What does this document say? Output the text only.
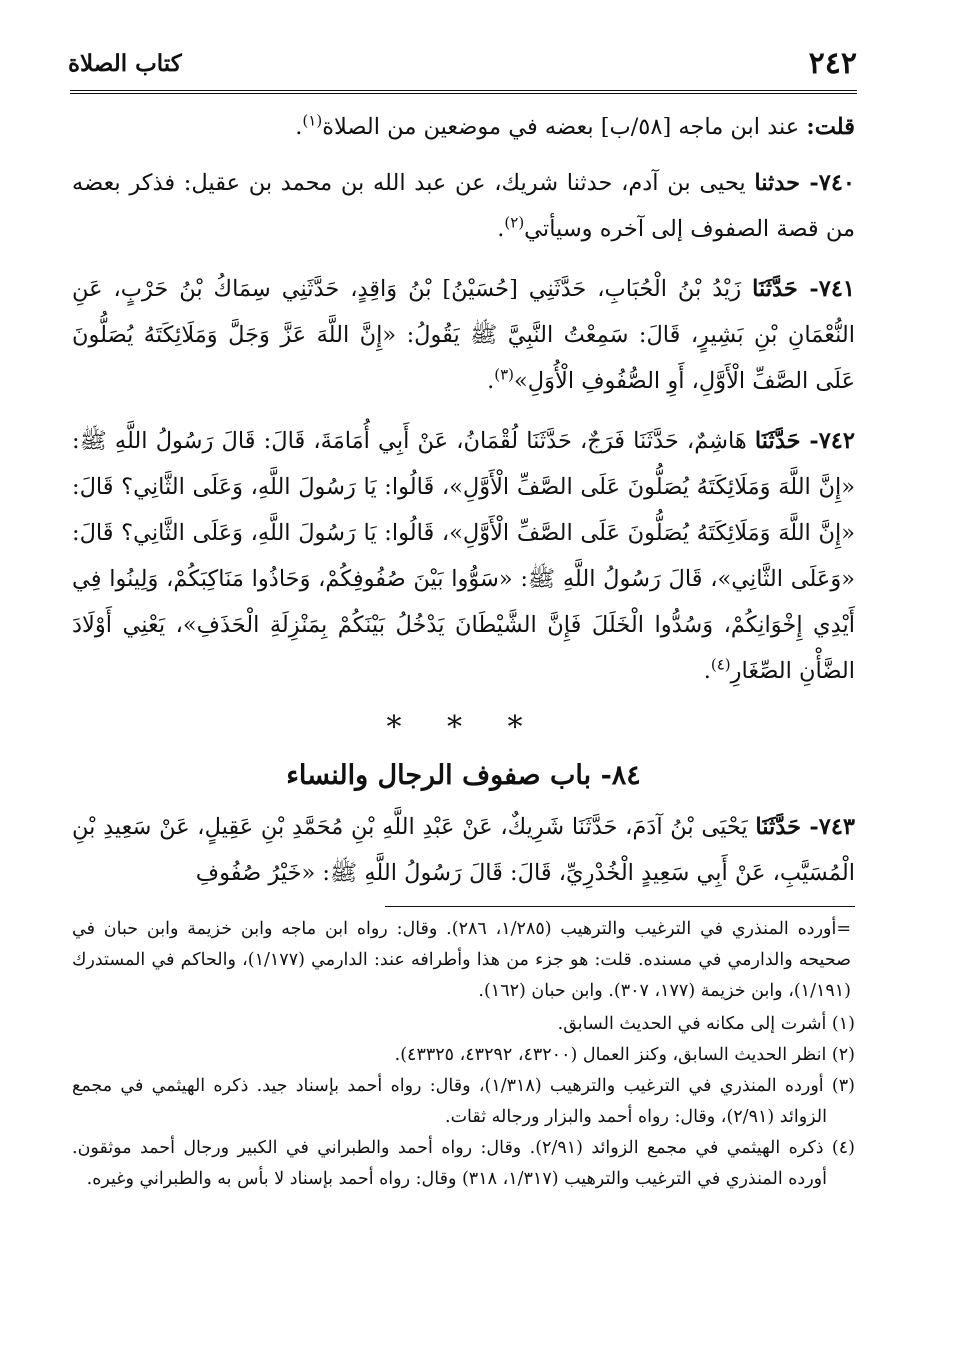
٢٤٢
كتاب الصلاة

قلت: عند ابن ماجه [٥٨/ب] بعضه في موضعين من الصلاة$^{(١)}$.

٧٤٠- حدثنا يحيى بن آدم، حدثنا شريك، عن عبد الله بن محمد بن عقيل: فذكر بعضه من قصة الصفوف إلى آخره وسيأتي$^{(٢)}$.

٧٤١- حَدَّثَنَا زَيْدُ بْنُ الْحُبَابِ، حَدَّثَنِي [حُسَيْنُ] بْنُ وَاقِدٍ، حَدَّثَنِي سِمَاكُ بْنُ حَرْبٍ، عَنِ النُّعْمَانِ بْنِ بَشِيرٍ، قَالَ: سَمِعْتُ النَّبِيَّ ﷺ يَقُولُ: «إِنَّ اللَّهَ عَزَّ وَجَلَّ وَمَلَائِكَتَهُ يُصَلُّونَ عَلَى الصَّفِّ الْأَوَّلِ، أَوِ الصُّفُوفِ الْأُوَلِ»$^{(٣)}$.

٧٤٢- حَدَّثَنَا هَاشِمٌ، حَدَّثَنَا فَرَجٌ، حَدَّثَنَا لُقْمَانُ، عَنْ أَبِي أُمَامَةَ، قَالَ: قَالَ رَسُولُ اللَّهِ ﷺ: «إِنَّ اللَّهَ وَمَلَائِكَتَهُ يُصَلُّونَ عَلَى الصَّفِّ الْأَوَّلِ»، قَالُوا: يَا رَسُولَ اللَّهِ، وَعَلَى الثَّانِي؟ قَالَ: «إِنَّ اللَّهَ وَمَلَائِكَتَهُ يُصَلُّونَ عَلَى الصَّفِّ الْأَوَّلِ»، قَالُوا: يَا رَسُولَ اللَّهِ، وَعَلَى الثَّانِي؟ قَالَ: «وَعَلَى الثَّانِي»، قَالَ رَسُولُ اللَّهِ ﷺ: «سَوُّوا بَيْنَ صُفُوفِكُمْ، وَحَاذُوا مَنَاكِبَكُمْ، وَلِينُوا فِي أَيْدِي إِخْوَانِكُمْ، وَسُدُّوا الْخَلَلَ فَإِنَّ الشَّيْطَانَ يَدْخُلُ بَيْنَكُمْ بِمَنْزِلَةِ الْحَذَفِ»، يَعْنِي أَوْلَادَ الضَّأْنِ الصِّغَارِ$^{(٤)}$.

* * *
٨٤- باب صفوف الرجال والنساء

٧٤٣- حَدَّثَنَا يَحْيَى بْنُ آدَمَ، حَدَّثَنَا شَرِيكٌ، عَنْ عَبْدِ اللَّهِ بْنِ مُحَمَّدِ بْنِ عَقِيلٍ، عَنْ سَعِيدِ بْنِ الْمُسَيَّبِ، عَنْ أَبِي سَعِيدٍ الْخُدْرِيِّ، قَالَ: قَالَ رَسُولُ اللَّهِ ﷺ: «خَيْرُ صُفُوفِ

=أورده المنذري في الترغيب والترهيب (١/٢٨٥، ٢٨٦). وقال: رواه ابن ماجه وابن خزيمة وابن حبان في صحيحه والدارمي في مسنده. قلت: هو جزء من هذا وأطرافه عند: الدارمي (١/١٧٧)، والحاكم في المستدرك (١/١٩١)، وابن خزيمة (١٧٧، ٣٠٧). وابن حبان (١٦٢).

(١) أشرت إلى مكانه في الحديث السابق.

(٢) انظر الحديث السابق، وكنز العمال (٤٣٢٠٠، ٤٣٢٩٢، ٤٣٣٢٥).

(٣) أورده المنذري في الترغيب والترهيب (١/٣١٨)، وقال: رواه أحمد بإسناد جيد. ذكره الهيثمي في مجمع الزوائد (٢/٩١)، وقال: رواه أحمد والبزار ورجاله ثقات.

(٤) ذكره الهيثمي في مجمع الزوائد (٢/٩١). وقال: رواه أحمد والطبراني في الكبير ورجال أحمد موثقون. أورده المنذري في الترغيب والترهيب (١/٣١٧، ٣١٨) وقال: رواه أحمد بإسناد لا بأس به والطبراني وغيره.
